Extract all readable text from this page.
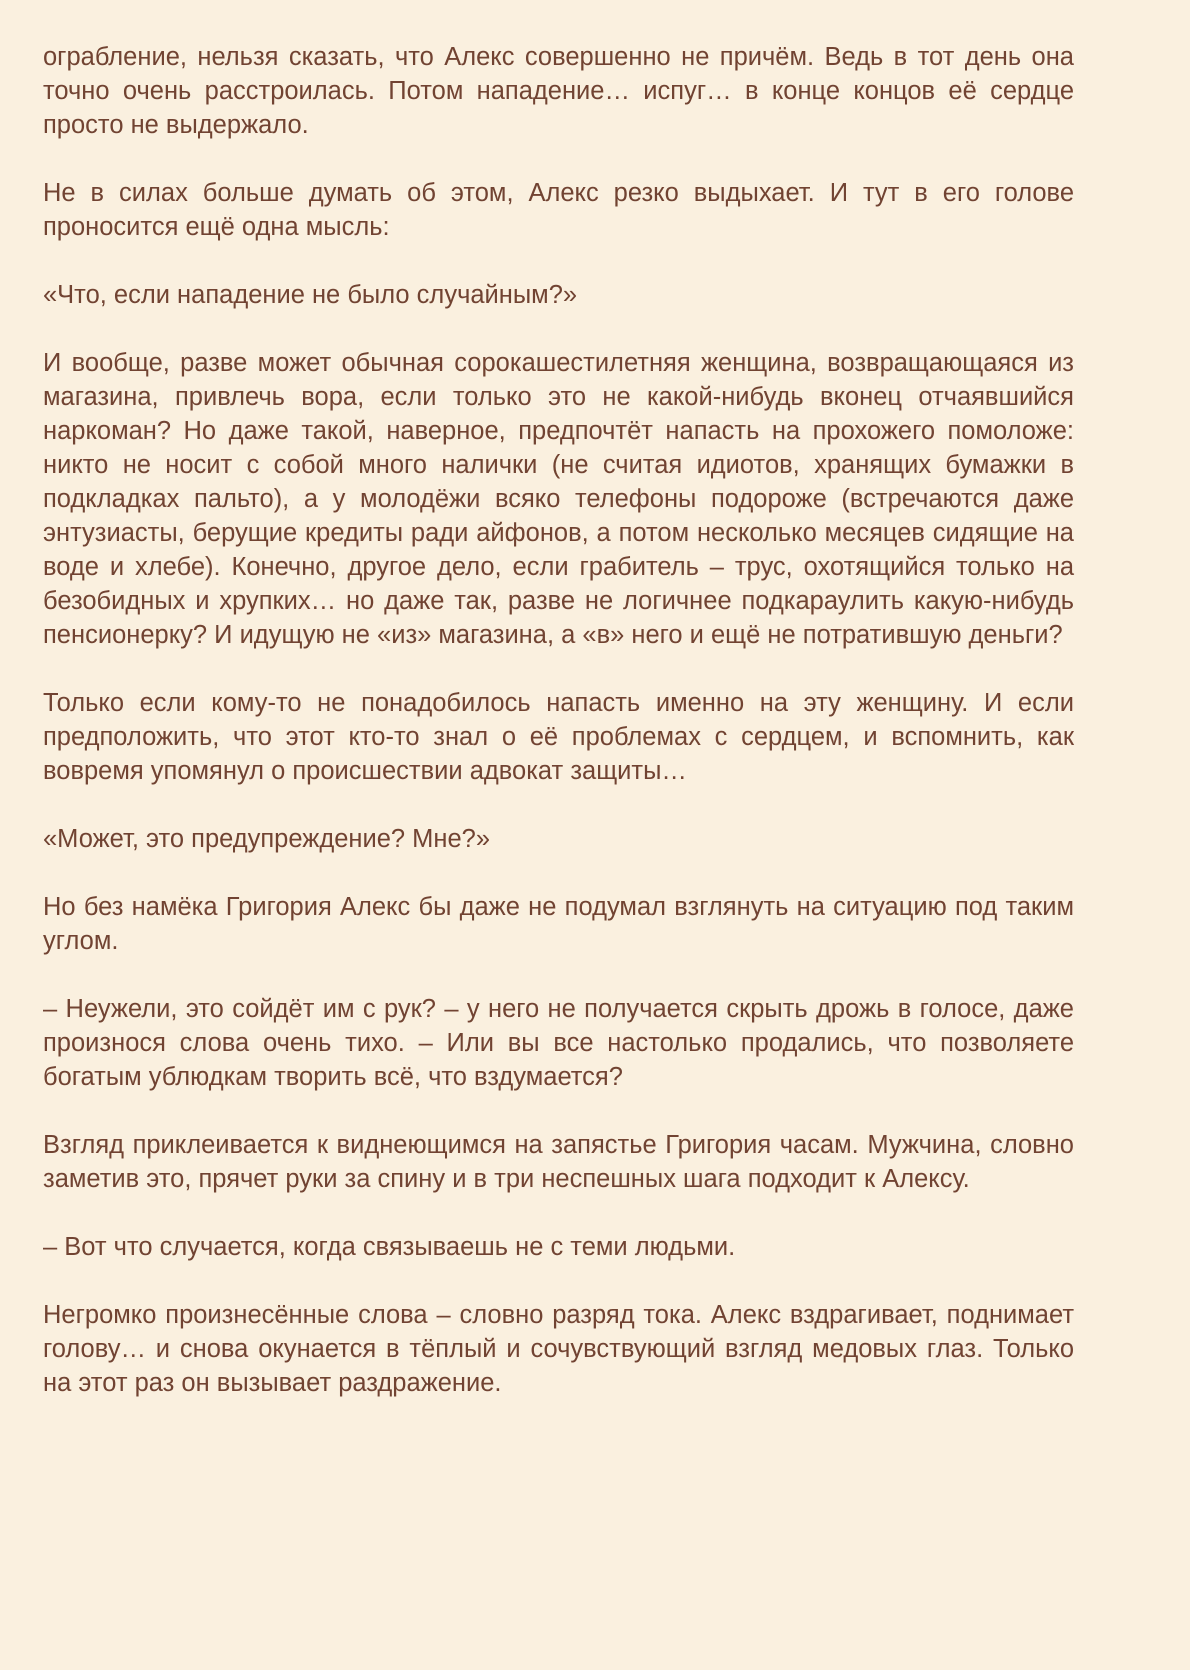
ограбление, нельзя сказать, что Алекс совершенно не причём. Ведь в тот день она точно очень расстроилась. Потом нападение… испуг… в конце концов её сердце просто не выдержало.

Не в силах больше думать об этом, Алекс резко выдыхает. И тут в его голове проносится ещё одна мысль:

«Что, если нападение не было случайным?»

И вообще, разве может обычная сорокашестилетняя женщина, возвращающаяся из магазина, привлечь вора, если только это не какой-нибудь вконец отчаявшийся наркоман? Но даже такой, наверное, предпочтёт напасть на прохожего помоложе: никто не носит с собой много налички (не считая идиотов, хранящих бумажки в подкладках пальто), а у молодёжи всяко телефоны подороже (встречаются даже энтузиасты, берущие кредиты ради айфонов, а потом несколько месяцев сидящие на воде и хлебе). Конечно, другое дело, если грабитель – трус, охотящийся только на безобидных и хрупких… но даже так, разве не логичнее подкараулить какую-нибудь пенсионерку? И идущую не «из» магазина, а «в» него и ещё не потратившую деньги?

Только если кому-то не понадобилось напасть именно на эту женщину. И если предположить, что этот кто-то знал о её проблемах с сердцем, и вспомнить, как вовремя упомянул о происшествии адвокат защиты…

«Может, это предупреждение? Мне?»

Но без намёка Григория Алекс бы даже не подумал взглянуть на ситуацию под таким углом.

– Неужели, это сойдёт им с рук? – у него не получается скрыть дрожь в голосе, даже произнося слова очень тихо. – Или вы все настолько продались, что позволяете богатым ублюдкам творить всё, что вздумается?

Взгляд приклеивается к виднеющимся на запястье Григория часам. Мужчина, словно заметив это, прячет руки за спину и в три неспешных шага подходит к Алексу.

– Вот что случается, когда связываешь не с теми людьми.

Негромко произнесённые слова – словно разряд тока. Алекс вздрагивает, поднимает голову… и снова окунается в тёплый и сочувствующий взгляд медовых глаз. Только на этот раз он вызывает раздражение.
